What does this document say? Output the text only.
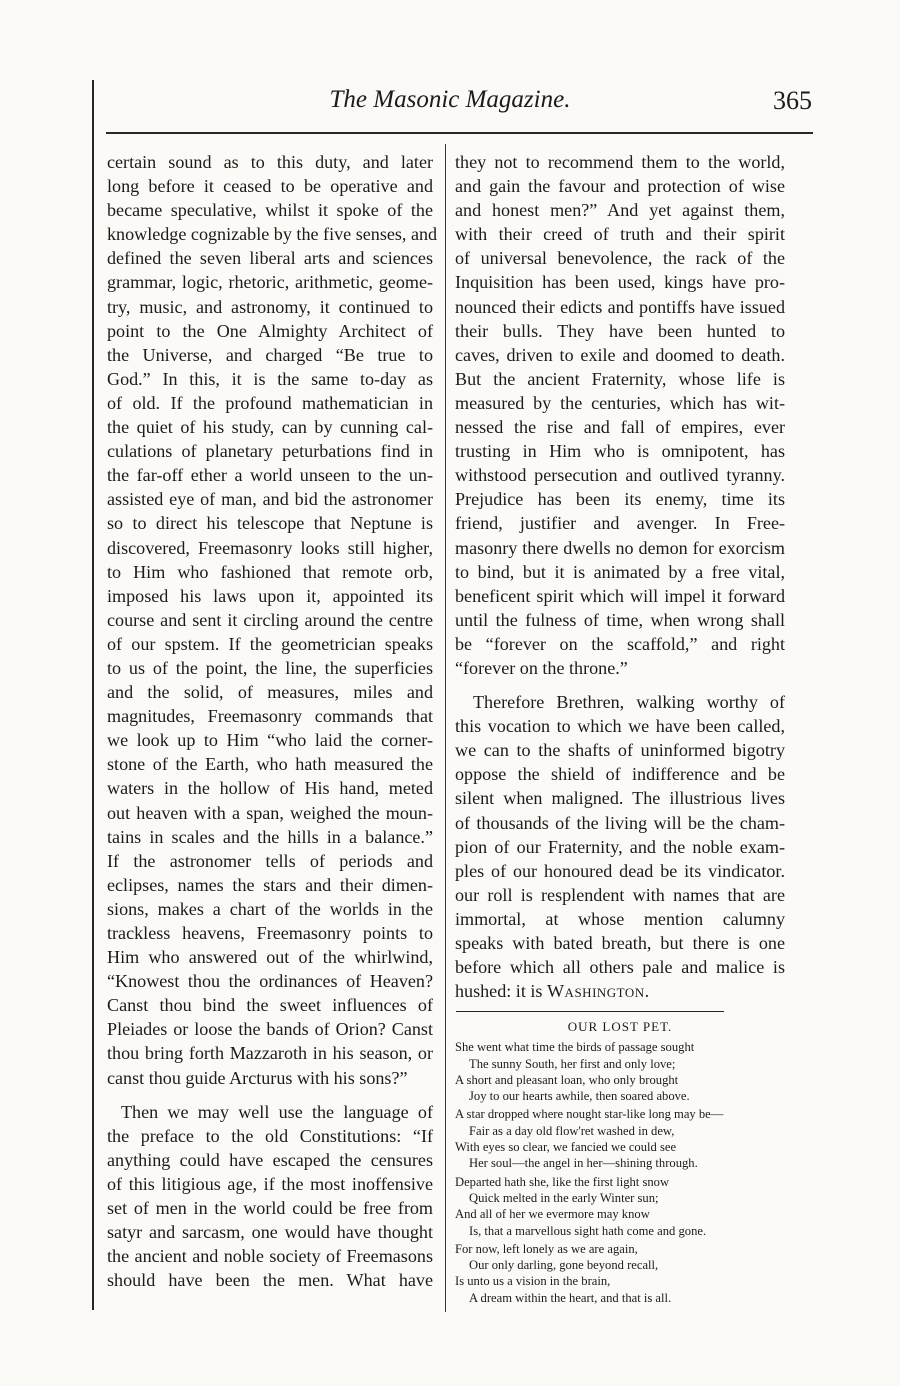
The Masonic Magazine.	365
certain sound as to this duty, and later
long before it ceased to be operative and
became speculative, whilst it spoke of the
knowledge cognizable by the five senses, and
defined the seven liberal arts and sciences
grammar, logic, rhetoric, arithmetic, geome-
try, music, and astronomy, it continued to
point to the One Almighty Architect of
the Universe, and charged “Be true to
God.” In this, it is the same to-day as
of old. If the profound mathematician in
the quiet of his study, can by cunning cal-
culations of planetary peturbations find in
the far-off ether a world unseen to the un-
assisted eye of man, and bid the astronomer
so to direct his telescope that Neptune is
discovered, Freemasonry looks still higher,
to Him who fashioned that remote orb,
imposed his laws upon it, appointed its
course and sent it circling around the centre
of our spstem. If the geometrician speaks
to us of the point, the line, the superficies
and the solid, of measures, miles and
magnitudes, Freemasonry commands that
we look up to Him “who laid the corner-
stone of the Earth, who hath measured the
waters in the hollow of His hand, meted
out heaven with a span, weighed the moun-
tains in scales and the hills in a balance.”
If the astronomer tells of periods and
eclipses, names the stars and their dimen-
sions, makes a chart of the worlds in the
trackless heavens, Freemasonry points to
Him who answered out of the whirlwind,
“Knowest thou the ordinances of Heaven?
Canst thou bind the sweet influences of
Pleiades or loose the bands of Orion? Canst
thou bring forth Mazzaroth in his season, or
canst thou guide Arcturus with his sons?”
Then we may well use the language of
the preface to the old Constitutions: “If
anything could have escaped the censures
of this litigious age, if the most inoffensive
set of men in the world could be free from
satyr and sarcasm, one would have thought
the ancient and noble society of Freemasons
should have been the men. What have
they not to recommend them to the world,
and gain the favour and protection of wise
and honest men?” And yet against them,
with their creed of truth and their spirit
of universal benevolence, the rack of the
Inquisition has been used, kings have pro-
nounced their edicts and pontiffs have issued
their bulls. They have been hunted to
caves, driven to exile and doomed to death.
But the ancient Fraternity, whose life is
measured by the centuries, which has wit-
nessed the rise and fall of empires, ever
trusting in Him who is omnipotent, has
withstood persecution and outlived tyranny.
Prejudice has been its enemy, time its
friend, justifier and avenger. In Free-
masonry there dwells no demon for exorcism
to bind, but it is animated by a free vital,
beneficent spirit which will impel it forward
until the fulness of time, when wrong shall
be “forever on the scaffold,” and right
“forever on the throne.”
Therefore Brethren, walking worthy of
this vocation to which we have been called,
we can to the shafts of uninformed bigotry
oppose the shield of indifference and be
silent when maligned. The illustrious lives
of thousands of the living will be the cham-
pion of our Fraternity, and the noble exam-
ples of our honoured dead be its vindicator.
our roll is resplendent with names that are
immortal, at whose mention calumny
speaks with bated breath, but there is one
before which all others pale and malice is
hushed: it is Washington.
OUR LOST PET.
She went what time the birds of passage sought
The sunny South, her first and only love;
A short and pleasant loan, who only brought
Joy to our hearts awhile, then soared above.
A star dropped where nought star-like long may be—
Fair as a day old flow'ret washed in dew,
With eyes so clear, we fancied we could see
Her soul—the angel in her—shining through.
Departed hath she, like the first light snow
Quick melted in the early Winter sun;
And all of her we evermore may know
Is, that a marvellous sight hath come and gone.
For now, left lonely as we are again,
Our only darling, gone beyond recall,
Is unto us a vision in the brain,
A dream within the heart, and that is all.
